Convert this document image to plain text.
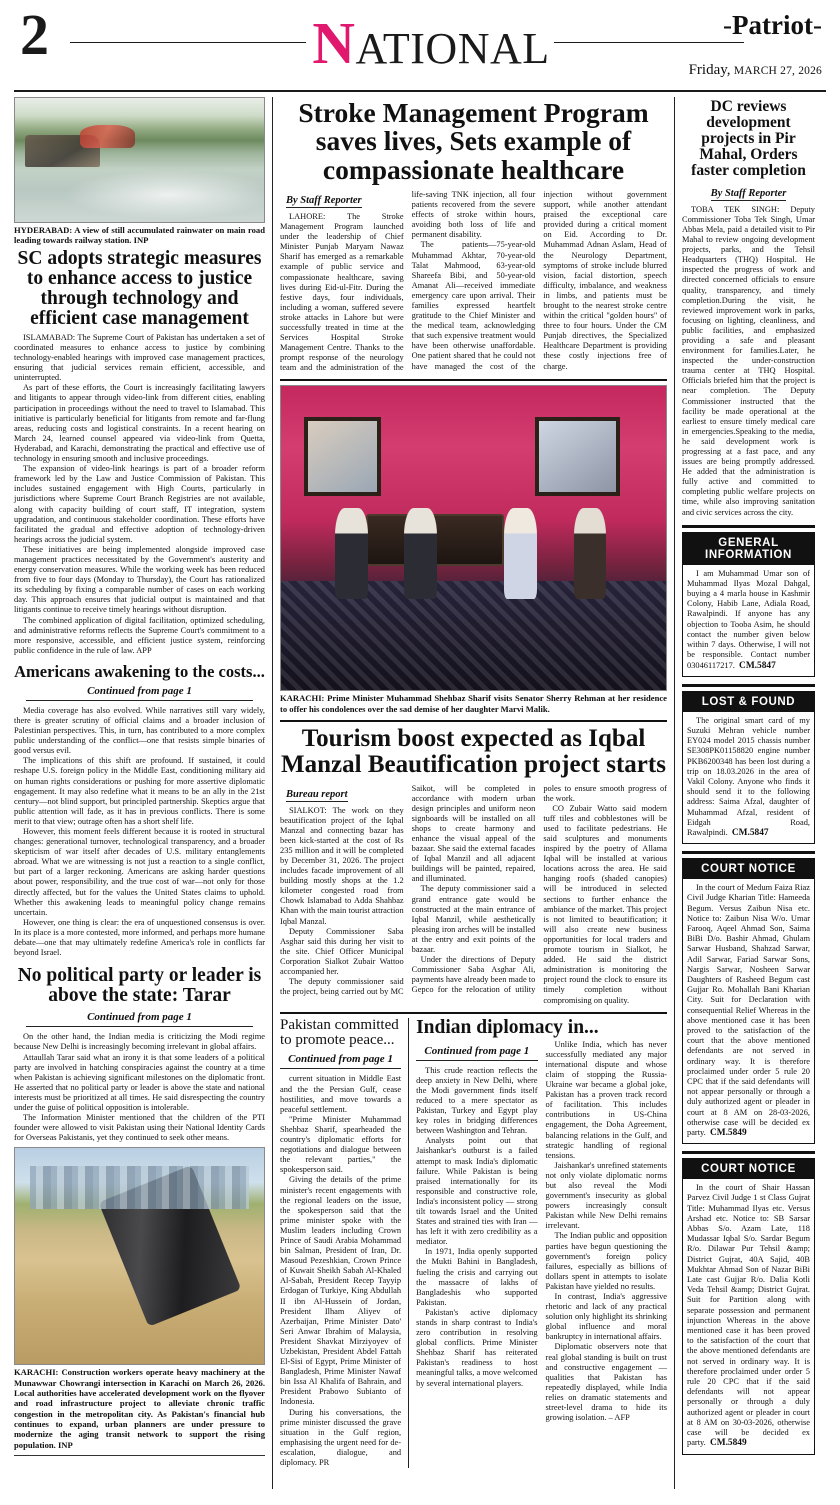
2	NATIONAL	-Patriot-
Friday, MARCH 27, 2026
HYDERABAD: A view of still accumulated rainwater on main road leading towards railway station. INP
SC adopts strategic measures to enhance access to justice through technology and efficient case management

ISLAMABAD: The Supreme Court of Pakistan has undertaken a set of coordinated measures to enhance access to justice by combining technology-enabled hearings with improved case management practices, ensuring that judicial services remain efficient, accessible, and uninterrupted.

As part of these efforts, the Court is increasingly facilitating lawyers and litigants to appear through video-link from different cities, enabling participation in proceedings without the need to travel to Islamabad. This initiative is particularly beneficial for litigants from remote and far-flung areas, reducing costs and logistical constraints. In a recent hearing on March 24, learned counsel appeared via video-link from Quetta, Hyderabad, and Karachi, demonstrating the practical and effective use of technology in ensuring smooth and inclusive proceedings.

The expansion of video-link hearings is part of a broader reform framework led by the Law and Justice Commission of Pakistan. This includes sustained engagement with High Courts, particularly in jurisdictions where Supreme Court Branch Registries are not available, along with capacity building of court staff, IT integration, system upgradation, and continuous stakeholder coordination. These efforts have facilitated the gradual and effective adoption of technology-driven hearings across the judicial system.

These initiatives are being implemented alongside improved case management practices necessitated by the Government's austerity and energy conservation measures. While the working week has been reduced from five to four days (Monday to Thursday), the Court has rationalized its scheduling by fixing a comparable number of cases on each working day. This approach ensures that judicial output is maintained and that litigants continue to receive timely hearings without disruption.

The combined application of digital facilitation, optimized scheduling, and administrative reforms reflects the Supreme Court's commitment to a more responsive, accessible, and efficient justice system, reinforcing public confidence in the rule of law. APP

Americans awakening to the costs...
Continued from page 1

Media coverage has also evolved. While narratives still vary widely, there is greater scrutiny of official claims and a broader inclusion of Palestinian perspectives. This, in turn, has contributed to a more complex public understanding of the conflict—one that resists simple binaries of good versus evil.

The implications of this shift are profound. If sustained, it could reshape U.S. foreign policy in the Middle East, conditioning military aid on human rights considerations or pushing for more assertive diplomatic engagement. It may also redefine what it means to be an ally in the 21st century—not blind support, but principled partnership. Skeptics argue that public attention will fade, as it has in previous conflicts. There is some merit to that view; outrage often has a short shelf life.

However, this moment feels different because it is rooted in structural changes: generational turnover, technological transparency, and a broader skepticism of war itself after decades of U.S. military entanglements abroad. What we are witnessing is not just a reaction to a single conflict, but part of a larger reckoning. Americans are asking harder questions about power, responsibility, and the true cost of war—not only for those directly affected, but for the values the United States claims to uphold. Whether this awakening leads to meaningful policy change remains uncertain.

However, one thing is clear: the era of unquestioned consensus is over. In its place is a more contested, more informed, and perhaps more humane debate—one that may ultimately redefine America's role in conflicts far beyond Israel.

No political party or leader is above the state: Tarar
Continued from page 1

On the other hand, the Indian media is criticizing the Modi regime because New Delhi is increasingly becoming irrelevant in global affairs.

Attaullah Tarar said what an irony it is that some leaders of a political party are involved in hatching conspiracies against the country at a time when Pakistan is achieving significant milestones on the diplomatic front. He asserted that no political party or leader is above the state and national interests must be prioritized at all times. He said disrespecting the country under the guise of political opposition is intolerable.

The Information Minister mentioned that the children of the PTI founder were allowed to visit Pakistan using their National Identity Cards for Overseas Pakistanis, yet they continued to seek other means.

KARACHI: Construction workers operate heavy machinery at the Munawwar Chowrangi intersection in Karachi on March 26, 2026. Local authorities have accelerated development work on the flyover and road infrastructure project to alleviate chronic traffic congestion in the metropolitan city. As Pakistan's financial hub continues to expand, urban planners are under pressure to modernize the aging transit network to support the rising population. INP
Stroke Management Program saves lives, Sets example of compassionate healthcare
By Staff Reporter

LAHORE: The Stroke Management Program launched under the leadership of Chief Minister Punjab Maryam Nawaz Sharif has emerged as a remarkable example of public service and compassionate healthcare, saving lives during Eid-ul-Fitr. During the festive days, four individuals, including a woman, suffered severe stroke attacks in Lahore but were successfully treated in time at the Services Hospital Stroke Management Centre. Thanks to the prompt response of the neurology team and the administration of the life-saving TNK injection, all four patients recovered from the severe effects of stroke within hours, avoiding both loss of life and permanent disability.

The patients—75-year-old Muhammad Akhtar, 70-year-old Talat Mahmood, 63-year-old Shareefa Bibi, and 50-year-old Amanat Ali—received immediate emergency care upon arrival. Their families expressed heartfelt gratitude to the Chief Minister and the medical team, acknowledging that such expensive treatment would have been otherwise unaffordable. One patient shared that he could not have managed the cost of the injection without government support, while another attendant praised the exceptional care provided during a critical moment on Eid. According to Dr. Muhammad Adnan Aslam, Head of the Neurology Department, symptoms of stroke include blurred vision, facial distortion, speech difficulty, imbalance, and weakness in limbs, and patients must be brought to the nearest stroke centre within the critical "golden hours" of three to four hours. Under the CM Punjab directives, the Specialized Healthcare Department is providing these costly injections free of charge.

KARACHI: Prime Minister Muhammad Shehbaz Sharif visits Senator Sherry Rehman at her residence to offer his condolences over the sad demise of her daughter Marvi Malik.
Tourism boost expected as Iqbal Manzal Beautification project starts
Bureau report

SIALKOT: The work on they beautification project of the Iqbal Manzal and connecting bazar has been kick-started at the cost of Rs 235 million and it will be completed by December 31, 2026. The project includes facade improvement of all building mostly shops at the 1.2 kilometer congested road from Chowk Islamabad to Adda Shahbaz Khan with the main tourist attraction Iqbal Manzal.

Deputy Commissioner Saba Asghar said this during her visit to the site. Chief Officer Municipal Corporation Sialkot Zubair Wattoo accompanied her.

The deputy commissioner said the project, being carried out by MC Saikot, will be completed in accordance with modern urban design principles and uniform neon signboards will be installed on all shops to create harmony and enhance the visual appeal of the bazaar. She said the external facades of Iqbal Manzil and all adjacent buildings will be painted, repaired, and illuminated.

The deputy commissioner said a grand entrance gate would be constructed at the main entrance of Iqbal Manzil, while aesthetically pleasing iron arches will be installed at the entry and exit points of the bazaar.

Under the directions of Deputy Commissioner Saba Asghar Ali, payments have already been made to Gepco for the relocation of utility poles to ensure smooth progress of the work.

CO Zubair Watto said modern tuff tiles and cobblestones will be used to facilitate pedestrians. He said sculptures and monuments inspired by the poetry of Allama Iqbal will be installed at various locations across the area. He said hanging roofs (shaded canopies) will be introduced in selected sections to further enhance the ambiance of the market. This project is not limited to beautification; it will also create new business opportunities for local traders and promote tourism in Sialkot, he added. He said the district administration is monitoring the project round the clock to ensure its timely completion without compromising on quality.

Pakistan committed to promote peace...
Continued from page 1

current situation in Middle East and the the Persian Gulf, cease hostilities, and move towards a peaceful settlement.

"Prime Minister Muhammad Shehbaz Sharif, spearheaded the country's diplomatic efforts for negotiations and dialogue between the relevant parties," the spokesperson said.

Giving the details of the prime minister's recent engagements with the regional leaders on the issue, the spokesperson said that the prime minister spoke with the Muslim leaders including Crown Prince of Saudi Arabia Mohammad bin Salman, President of Iran, Dr. Masoud Pezeshkian, Crown Prince of Kuwait Sheikh Sabah Al-Khaled Al-Sabah, President Recep Tayyip Erdogan of Turkiye, King Abdullah II ibn Al-Hussein of Jordan, President Ilham Aliyev of Azerbaijan, Prime Minister Dato' Seri Anwar Ibrahim of Malaysia, President Shavkat Mirziyoyev of Uzbekistan, President Abdel Fattah El-Sisi of Egypt, Prime Minister of Bangladesh, Prime Minister Nawaf bin Issa Al Khalifa of Bahrain, and President Prabowo Subianto of Indonesia.

During his conversations, the prime minister discussed the grave situation in the Gulf region, emphasising the urgent need for de-escalation, dialogue, and diplomacy. PR

Indian diplomacy in...
Continued from page 1

This crude reaction reflects the deep anxiety in New Delhi, where the Modi government finds itself reduced to a mere spectator as Pakistan, Turkey and Egypt play key roles in bridging differences between Washington and Tehran.

Analysts point out that Jaishankar's outburst is a failed attempt to mask India's diplomatic failure. While Pakistan is being praised internationally for its responsible and constructive role, India's inconsistent policy — strong tilt towards Israel and the United States and strained ties with Iran — has left it with zero credibility as a mediator.

In 1971, India openly supported the Mukti Bahini in Bangladesh, fueling the crisis and carrying out the massacre of lakhs of Bangladeshis who supported Pakistan.

Pakistan's active diplomacy stands in sharp contrast to India's zero contribution in resolving global conflicts. Prime Minister Shehbaz Sharif has reiterated Pakistan's readiness to host meaningful talks, a move welcomed by several international players.

Unlike India, which has never successfully mediated any major international dispute and whose claim of stopping the Russia-Ukraine war became a global joke, Pakistan has a proven track record of facilitation. This includes contributions in US-China engagement, the Doha Agreement, balancing relations in the Gulf, and strategic handling of regional tensions.

Jaishankar's unrefined statements not only violate diplomatic norms but also reveal the Modi government's insecurity as global powers increasingly consult Pakistan while New Delhi remains irrelevant.

The Indian public and opposition parties have begun questioning the government's foreign policy failures, especially as billions of dollars spent in attempts to isolate Pakistan have yielded no results.

In contrast, India's aggressive rhetoric and lack of any practical solution only highlight its shrinking global influence and moral bankruptcy in international affairs.

Diplomatic observers note that real global standing is built on trust and constructive engagement — qualities that Pakistan has repeatedly displayed, while India relies on dramatic statements and street-level drama to hide its growing isolation. – AFP

DC reviews development projects in Pir Mahal, Orders faster completion
By Staff Reporter

TOBA TEK SINGH: Deputy Commissioner Toba Tek Singh, Umar Abbas Mela, paid a detailed visit to Pir Mahal to review ongoing development projects, parks, and the Tehsil Headquarters (THQ) Hospital. He inspected the progress of work and directed concerned officials to ensure quality, transparency, and timely completion.During the visit, he reviewed improvement work in parks, focusing on lighting, cleanliness, and public facilities, and emphasized providing a safe and pleasant environment for families.Later, he inspected the under-construction trauma center at THQ Hospital. Officials briefed him that the project is near completion. The Deputy Commissioner instructed that the facility be made operational at the earliest to ensure timely medical care in emergencies.Speaking to the media, he said development work is progressing at a fast pace, and any issues are being promptly addressed. He added that the administration is fully active and committed to completing public welfare projects on time, while also improving sanitation and civic services across the city.

GENERAL INFORMATION

I am Muhammad Umar son of Muhammad Ilyas Mozal Dahgal, buying a 4 marla house in Kashmir Colony, Habib Lane, Adiala Road, Rawalpindi. If anyone has any objection to Tooba Asim, he should contact the number given below within 7 days. Otherwise, I will not be responsible. Contact number 03046117217. CM.5847

LOST & FOUND

The original smart card of my Suzuki Mehran vehicle number EY024 model 2015 chassis number SE308PK01158820 engine number PKB6200348 has been lost during a trip on 18.03.2026 in the area of Vakil Colony. Anyone who finds it should send it to the following address: Saima Afzal, daughter of Muhammad Afzal, resident of Eidgah Road, Rawalpindi. CM.5847

COURT NOTICE

In the court of Medum Faiza Riaz Civil Judge Kharian Title: Hameeda Begum. Versus Zaibun Nisa etc. Notice to: Zaibun Nisa W/o. Umar Farooq, Aqeel Ahmad Son, Saima BiBi D/o. Bashir Ahmad, Ghulam Sarwar Husband, Shahzad Sarwar, Adil Sarwar, Fariad Sarwar Sons, Nargis Sarwar, Nosheen Sarwar Daughters of Rasheed Begum cast Gujjar Ro. Mohallah Bani Kharian City. Suit for Declaration with consequential Relief Whereas in the above mentioned case it has been proved to the satisfaction of the court that the above mentioned defendants are not served in ordinary way. It is therefore proclaimed under order 5 rule 20 CPC that if the said defendants will not appear personally or through a duly authorized agent or pleader in court at 8 AM on 28-03-2026, otherwise case will be decided ex party. CM.5849

COURT NOTICE

In the court of Shair Hassan Parvez Civil Judge 1 st Class Gujrat Title: Muhammad Ilyas etc. Versus Arshad etc. Notice to: SB Sarsar Abbas S/o. Azam Late, 118 Mudassar Iqbal S/o. Sardar Begum R/o. Dilawar Pur Tehsil &amp; District Gujrat, 40A Sajid, 40B Mukhtar Ahmad Son of Nazar BiBi Late cast Gujjar R/o. Dalia Kotli Veda Tehsil &amp; District Gujrat. Suit for Partition along with separate possession and permanent injunction Whereas in the above mentioned case it has been proved to the satisfaction of the court that the above mentioned defendants are not served in ordinary way. It is therefore proclaimed under order 5 rule 20 CPC that if the said defendants will not appear personally or through a duly authorized agent or pleader in court at 8 AM on 30-03-2026, otherwise case will be decided ex party. CM.5849
